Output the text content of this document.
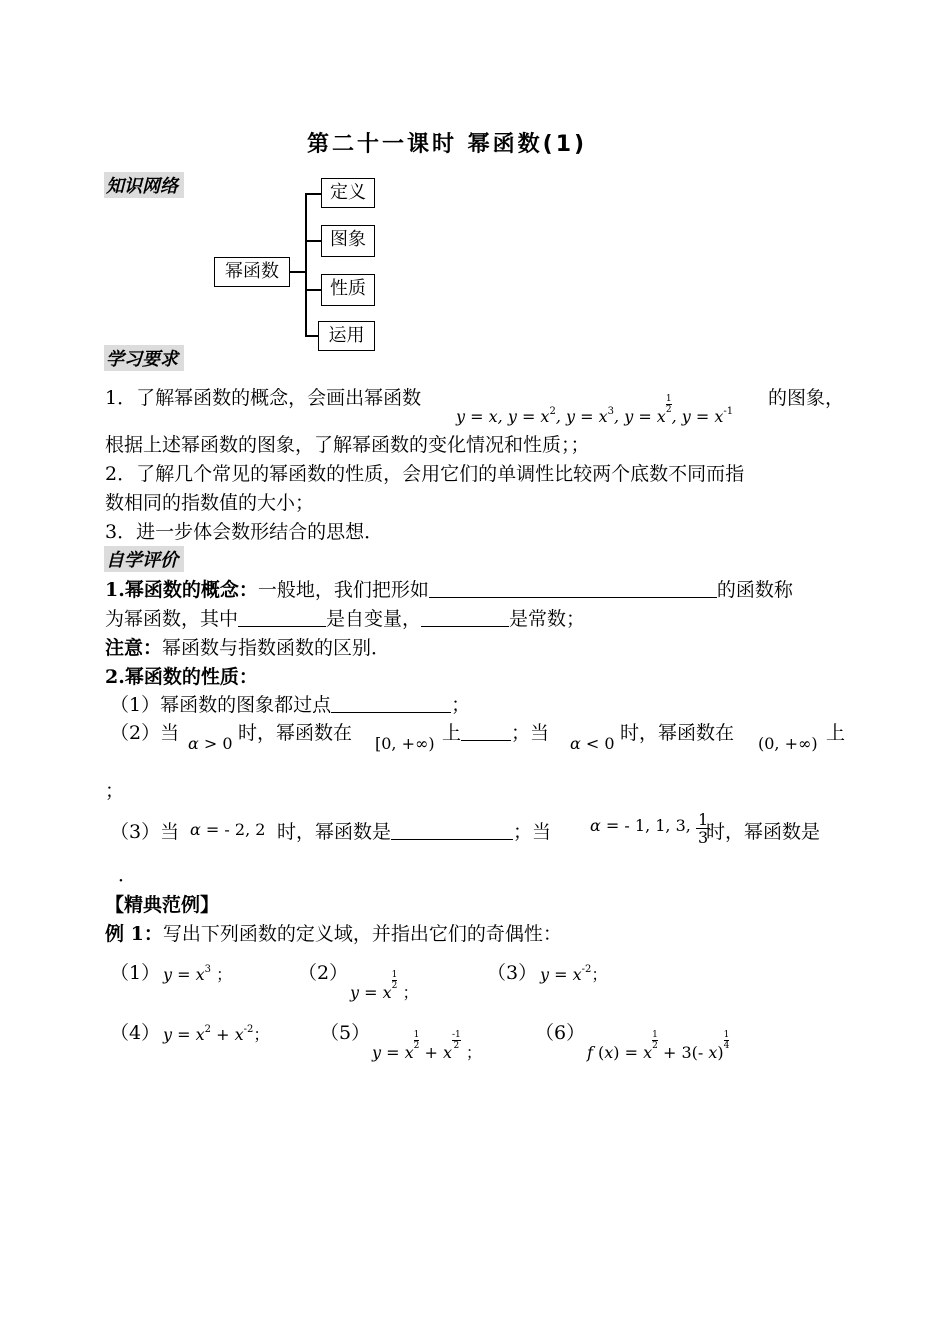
第二十一课时 幂函数(1)
知识网络
幂函数
定义
图象
性质
运用
学习要求
1．了解幂函数的概念，会画出幂函数
y = x, $y = x^2$, $y = x^3$, y = x
$\frac{1}{2}$
, $y = x^{-1}$
的图象，
根据上述幂函数的图象，了解幂函数的变化情况和性质；；
2．了解几个常见的幂函数的性质，会用它们的单调性比较两个底数不同而指
数相同的指数值的大小；
3．进一步体会数形结合的思想．
自学评价
1.幂函数的概念：一般地，我们把形如	的函数称
为幂函数，其中	是自变量，	是常数；
注意：幂函数与指数函数的区别．
2.幂函数的性质：
（1）幂函数的图象都过点	；
（2）当 α > 0 时，幂函数在 [0, +∞) 上	；当 α < 0 时，幂函数在 (0, +∞) 上
；
（3）当 α = - 2, 2 时，幂函数是	；当 α = - 1, 1, 3, $\frac{1}{3}$
时，幂函数是
．
【精典范例】
例 1：写出下列函数的定义域，并指出它们的奇偶性：
（1） $y = x^3$ ；	（2）
y = x
$\frac{1}{2}$
；
（3） $y = x^{-2}$；
（4） $y = x^2 + x^{-2}$；	（5）
y = x
$\frac{1}{2}$
+ x
$\frac{-1}{2}$
；
（6）
f (x) = x
$\frac{1}{2}$
+ 3(- x)
$\frac{1}{4}$
